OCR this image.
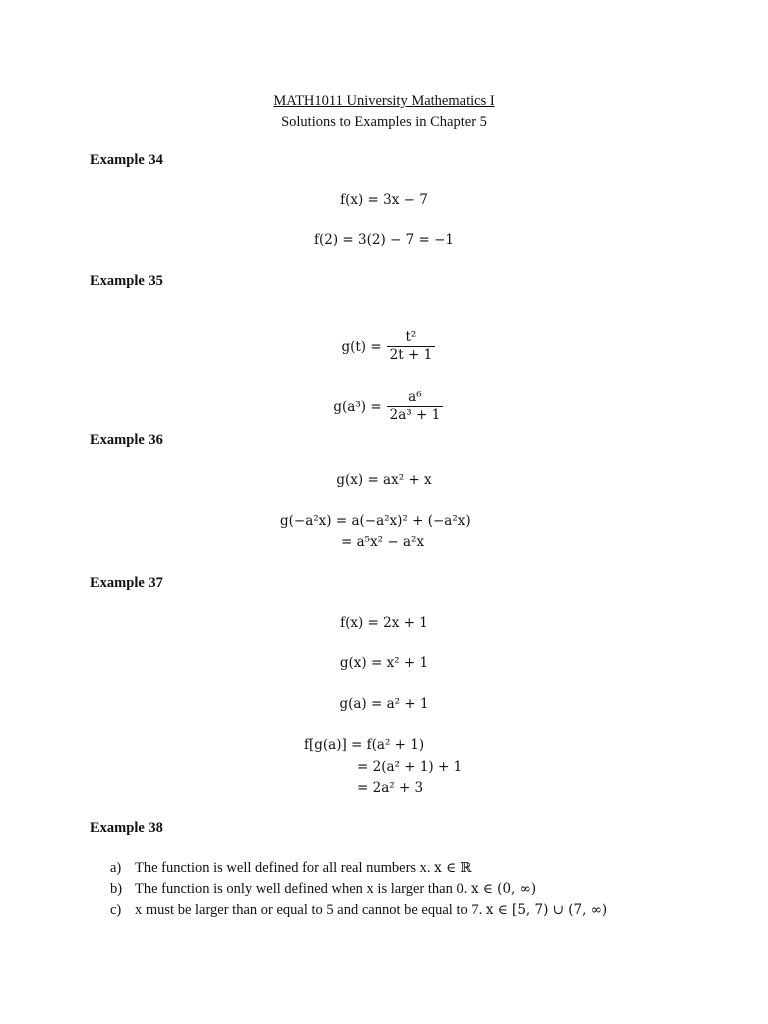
MATH1011 University Mathematics I
Solutions to Examples in Chapter 5
Example 34
f(x) = 3x − 7
f(2) = 3(2) − 7 = −1
Example 35

$g(t) = \frac{\text{t²}}{2t + 1}$

$g(a^3) = \frac{\text{a⁶}}{\text{2a³ + 1}}$

Example 36
g(x) = ax² + x
g(−a²x) = a(−a²x)² + (−a²x)
= a⁵x² − a²x
Example 37
f(x) = 2x + 1
g(x) = x² + 1
g(a) = a² + 1
f[g(a)] = f(a² + 1)
= 2(a² + 1) + 1
= 2a² + 3
Example 38
a) The function is well defined for all real numbers x. x ∈ ℝ
b) The function is only well defined when x is larger than 0. x ∈ (0, ∞)
c) x must be larger than or equal to 5 and cannot be equal to 7. x ∈ [5, 7) ∪ (7, ∞)
